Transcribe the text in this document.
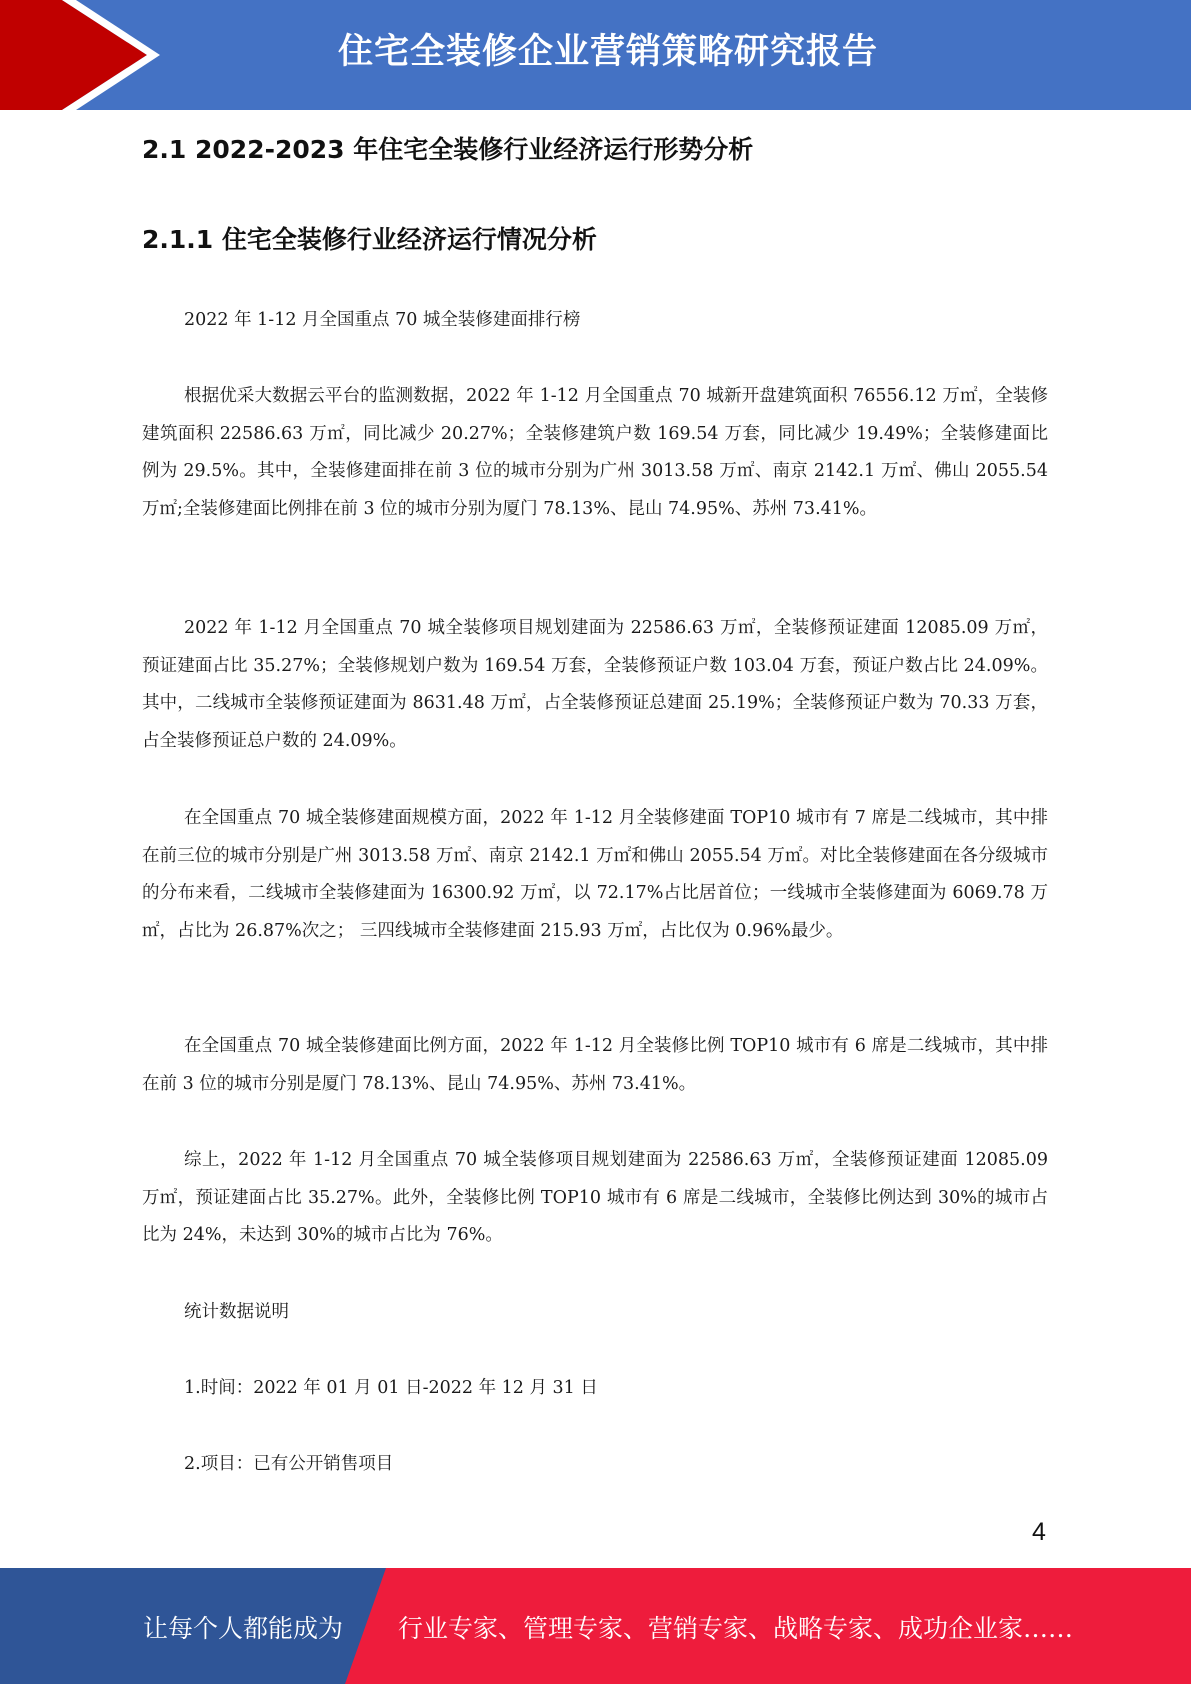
住宅全装修企业营销策略研究报告
2.1 2022-2023 年住宅全装修行业经济运行形势分析
2.1.1 住宅全装修行业经济运行情况分析

2022 年 1-12 月全国重点 70 城全装修建面排行榜

根据优采大数据云平台的监测数据，2022 年 1-12 月全国重点 70 城新开盘建筑面积 76556.12 万㎡，全装修建筑面积 22586.63 万㎡，同比减少 20.27%；全装修建筑户数 169.54 万套，同比减少 19.49%；全装修建面比例为 29.5%。其中，全装修建面排在前 3 位的城市分别为广州 3013.58 万㎡、南京 2142.1 万㎡、佛山 2055.54 万㎡;全装修建面比例排在前 3 位的城市分别为厦门 78.13%、昆山 74.95%、苏州 73.41%。

2022 年 1-12 月全国重点 70 城全装修项目规划建面为 22586.63 万㎡，全装修预证建面 12085.09 万㎡，预证建面占比 35.27%；全装修规划户数为 169.54 万套，全装修预证户数 103.04 万套，预证户数占比 24.09%。其中，二线城市全装修预证建面为 8631.48 万㎡，占全装修预证总建面 25.19%；全装修预证户数为 70.33 万套，占全装修预证总户数的 24.09%。

在全国重点 70 城全装修建面规模方面，2022 年 1-12 月全装修建面 TOP10 城市有 7 席是二线城市，其中排在前三位的城市分别是广州 3013.58 万㎡、南京 2142.1 万㎡和佛山 2055.54 万㎡。对比全装修建面在各分级城市的分布来看，二线城市全装修建面为 16300.92 万㎡，以 72.17%占比居首位；一线城市全装修建面为 6069.78 万㎡，占比为 26.87%次之； 三四线城市全装修建面 215.93 万㎡，占比仅为 0.96%最少。

在全国重点 70 城全装修建面比例方面，2022 年 1-12 月全装修比例 TOP10 城市有 6 席是二线城市，其中排在前 3 位的城市分别是厦门 78.13%、昆山 74.95%、苏州 73.41%。

综上，2022 年 1-12 月全国重点 70 城全装修项目规划建面为 22586.63 万㎡，全装修预证建面 12085.09 万㎡，预证建面占比 35.27%。此外，全装修比例 TOP10 城市有 6 席是二线城市，全装修比例达到 30%的城市占比为 24%，未达到 30%的城市占比为 76%。

统计数据说明

1.时间：2022 年 01 月 01 日-2022 年 12 月 31 日

2.项目：已有公开销售项目

4
让每个人都能成为 行业专家、管理专家、营销专家、战略专家、成功企业家……
